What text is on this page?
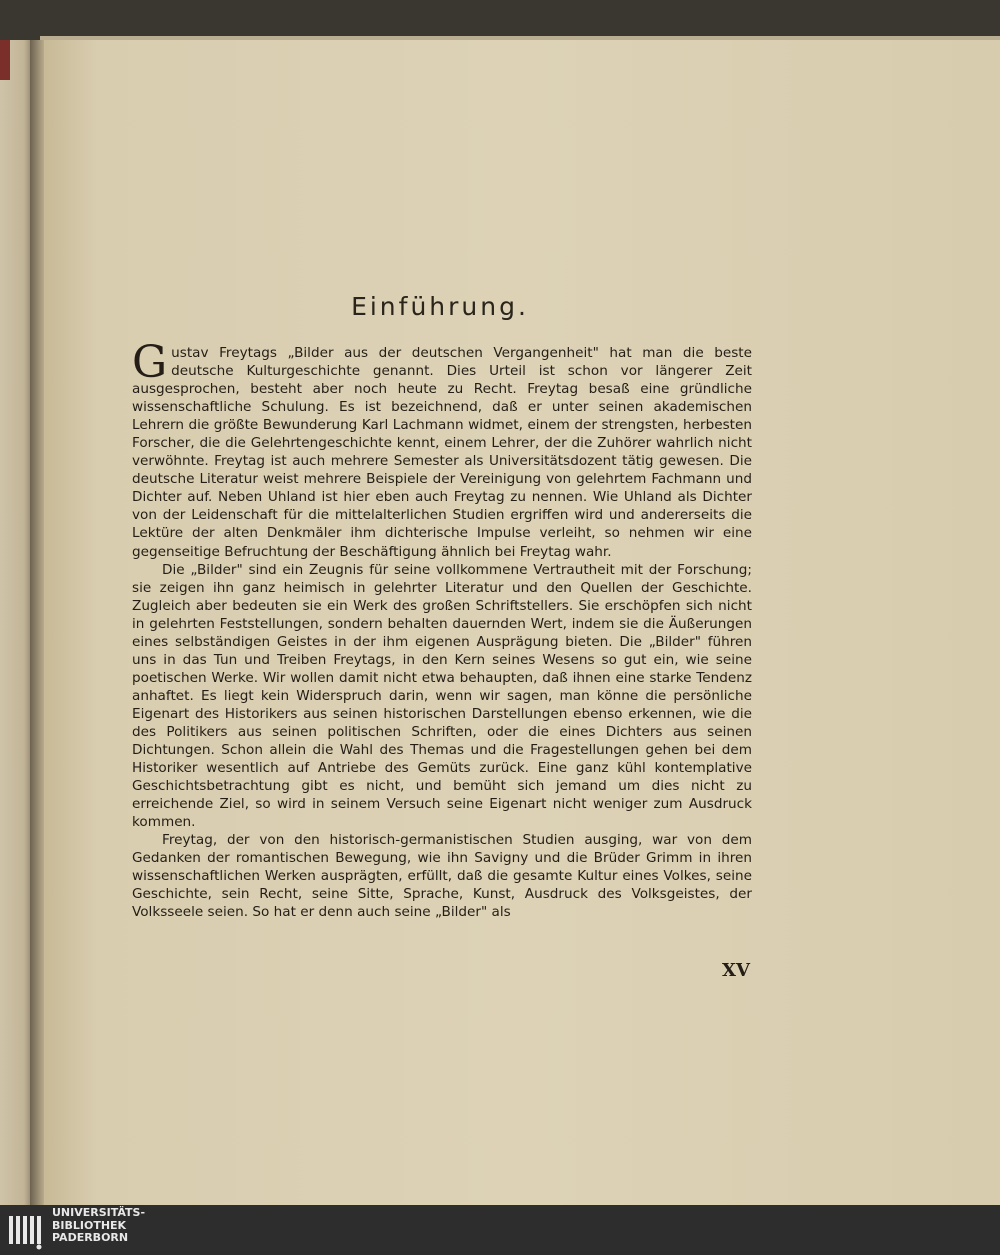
Einführung.

Gustav Freytags „Bilder aus der deutschen Vergangenheit" hat man die beste deutsche Kulturgeschichte genannt. Dies Urteil ist schon vor längerer Zeit ausgesprochen, besteht aber noch heute zu Recht. Freytag besaß eine gründliche wissenschaftliche Schulung. Es ist bezeichnend, daß er unter seinen akademischen Lehrern die größte Bewunderung Karl Lachmann widmet, einem der strengsten, herbesten Forscher, die die Gelehrtengeschichte kennt, einem Lehrer, der die Zuhörer wahrlich nicht verwöhnte. Freytag ist auch mehrere Semester als Universitätsdozent tätig gewesen. Die deutsche Literatur weist mehrere Beispiele der Vereinigung von gelehrtem Fachmann und Dichter auf. Neben Uhland ist hier eben auch Freytag zu nennen. Wie Uhland als Dichter von der Leidenschaft für die mittelalterlichen Studien ergriffen wird und andererseits die Lektüre der alten Denkmäler ihm dichterische Impulse verleiht, so nehmen wir eine gegenseitige Befruchtung der Beschäftigung ähnlich bei Freytag wahr.

Die „Bilder" sind ein Zeugnis für seine vollkommene Vertrautheit mit der Forschung; sie zeigen ihn ganz heimisch in gelehrter Literatur und den Quellen der Geschichte. Zugleich aber bedeuten sie ein Werk des großen Schriftstellers. Sie erschöpfen sich nicht in gelehrten Feststellungen, sondern behalten dauernden Wert, indem sie die Äußerungen eines selbständigen Geistes in der ihm eigenen Ausprägung bieten. Die „Bilder" führen uns in das Tun und Treiben Freytags, in den Kern seines Wesens so gut ein, wie seine poetischen Werke. Wir wollen damit nicht etwa behaupten, daß ihnen eine starke Tendenz anhaftet. Es liegt kein Widerspruch darin, wenn wir sagen, man könne die persönliche Eigenart des Historikers aus seinen historischen Darstellungen ebenso erkennen, wie die des Politikers aus seinen politischen Schriften, oder die eines Dichters aus seinen Dichtungen. Schon allein die Wahl des Themas und die Fragestellungen gehen bei dem Historiker wesentlich auf Antriebe des Gemüts zurück. Eine ganz kühl kontemplative Geschichtsbetrachtung gibt es nicht, und bemüht sich jemand um dies nicht zu erreichende Ziel, so wird in seinem Versuch seine Eigenart nicht weniger zum Ausdruck kommen.

Freytag, der von den historisch-germanistischen Studien ausging, war von dem Gedanken der romantischen Bewegung, wie ihn Savigny und die Brüder Grimm in ihren wissenschaftlichen Werken ausprägten, erfüllt, daß die gesamte Kultur eines Volkes, seine Geschichte, sein Recht, seine Sitte, Sprache, Kunst, Ausdruck des Volksgeistes, der Volksseele seien. So hat er denn auch seine „Bilder" als

XV
UNIVERSITÄTS-
BIBLIOTHEK
PADERBORN
